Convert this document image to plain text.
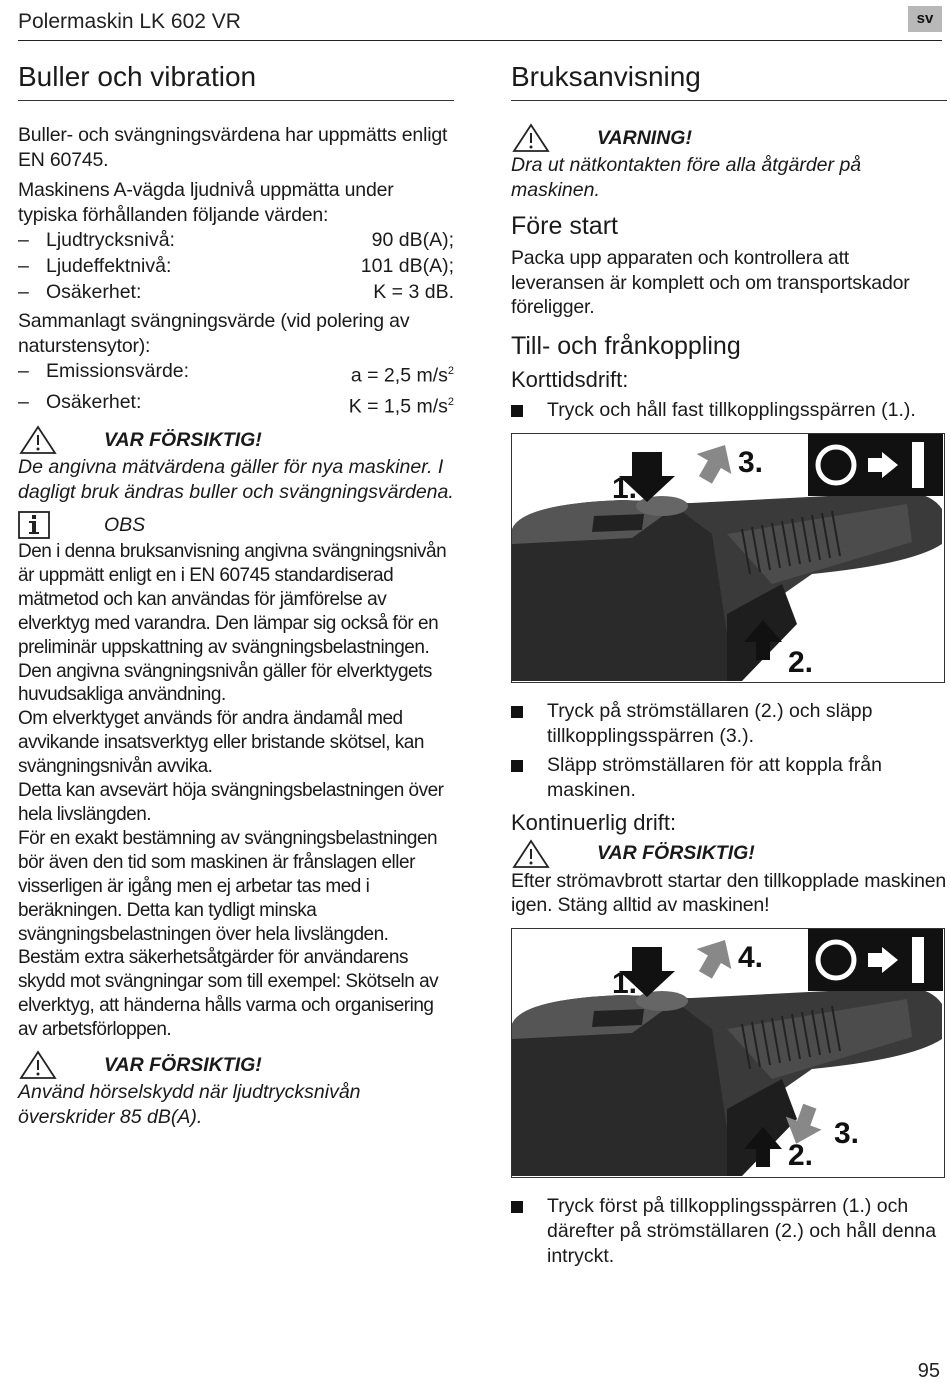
Polermaskin LK 602 VR	sv
Buller och vibration

Buller- och svängningsvärdena har uppmätts enligt EN 60745.

Maskinens A-vägda ljudnivå uppmätta under typiska förhållanden följande värden:

– Ljudtrycksnivå:	90 dB(A);
– Ljudeffektnivå:	101 dB(A);
– Osäkerhet:	K = 3 dB.

Sammanlagt svängningsvärde (vid polering av naturstensytor):

– Emissionsvärde:	a = 2,5 $m/s^2$
– Osäkerhet:	K = 1,5 $m/s^2$
VAR FÖRSIKTIG!

De angivna mätvärdena gäller för nya maskiner. I dagligt bruk ändras buller och svängningsvärdena.

OBS

Den i denna bruksanvisning angivna svängningsnivån är uppmätt enligt en i EN 60745 standardiserad mätmetod och kan användas för jämförelse av elverktyg med varandra. Den lämpar sig också för en preliminär uppskattning av svängningsbelastningen. Den angivna svängningsnivån gäller för elverktygets huvudsakliga användning.

Om elverktyget används för andra ändamål med avvikande insatsverktyg eller bristande skötsel, kan svängningsnivån avvika.

Detta kan avsevärt höja svängningsbelastningen över hela livslängden.

För en exakt bestämning av svängningsbelastningen bör även den tid som maskinen är frånslagen eller visserligen är igång men ej arbetar tas med i beräkningen. Detta kan tydligt minska svängningsbelastningen över hela livslängden.

Bestäm extra säkerhetsåtgärder för användarens skydd mot svängningar som till exempel: Skötseln av elverktyg, att händerna hålls varma och organisering av arbetsförloppen.

VAR FÖRSIKTIG!

Använd hörselskydd när ljudtrycksnivån överskrider 85 dB(A).

Bruksanvisning
VARNING!

Dra ut nätkontakten före alla åtgärder på maskinen.

Före start

Packa upp apparaten och kontrollera att leveransen är komplett och om transportskador föreligger.

Till- och frånkoppling
Korttidsdrift:
Tryck och håll fast tillkopplingsspärren (1.).
1.
2.
3.
Tryck på strömställaren (2.) och släpp tillkopplingsspärren (3.).
Släpp strömställaren för att koppla från maskinen.
Kontinuerlig drift:
VAR FÖRSIKTIG!

Efter strömavbrott startar den tillkopplade maskinen igen. Stäng alltid av maskinen!

1.
2.
3.
4.
Tryck först på tillkopplingsspärren (1.) och därefter på strömställaren (2.) och håll denna intryckt.
95
